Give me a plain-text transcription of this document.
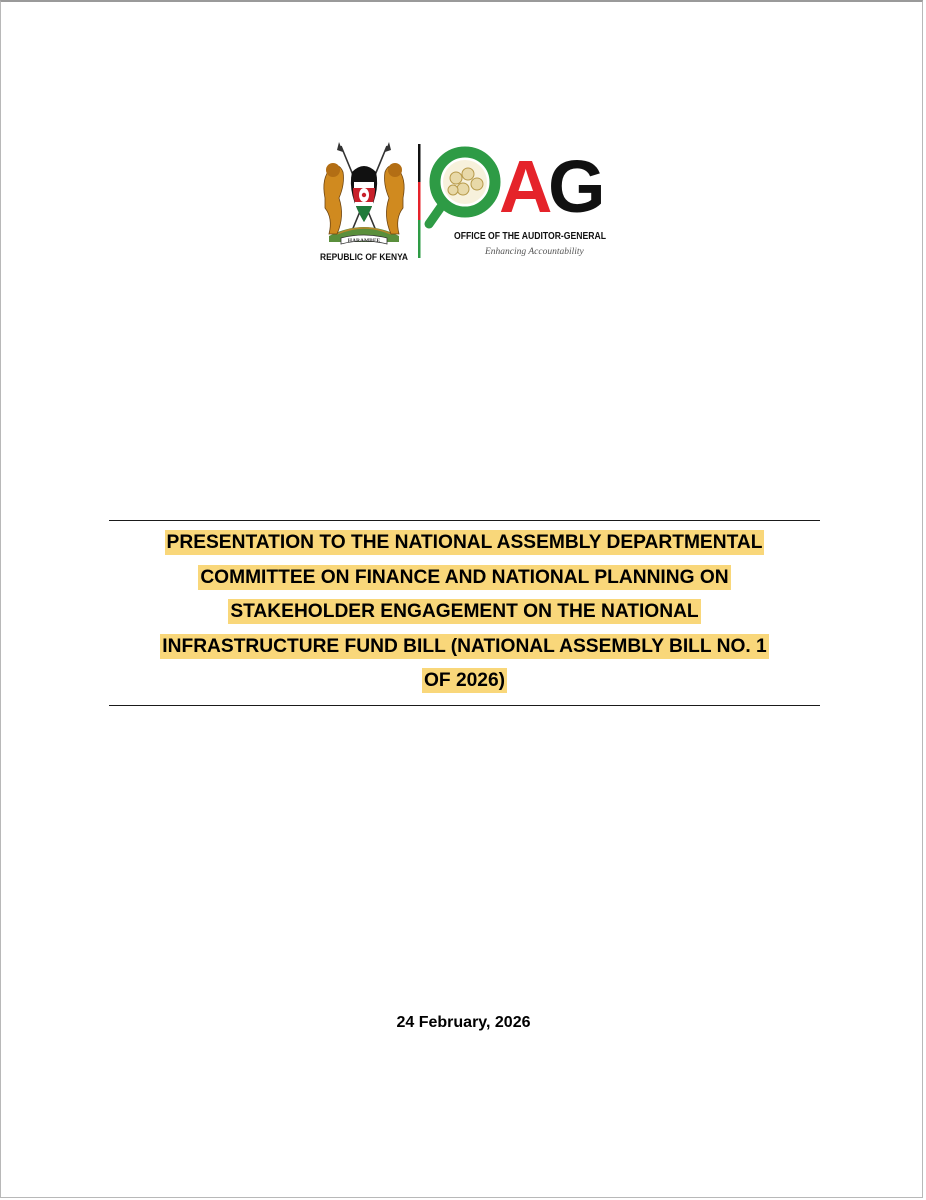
HARAMBEE
REPUBLIC OF KENYA
A
G
OFFICE OF THE AUDITOR-GENERAL
Enhancing Accountability
PRESENTATION TO THE NATIONAL ASSEMBLY DEPARTMENTAL
COMMITTEE ON FINANCE AND NATIONAL PLANNING ON
STAKEHOLDER ENGAGEMENT ON THE NATIONAL
INFRASTRUCTURE FUND BILL (NATIONAL ASSEMBLY BILL NO. 1
OF 2026)
24 February, 2026
